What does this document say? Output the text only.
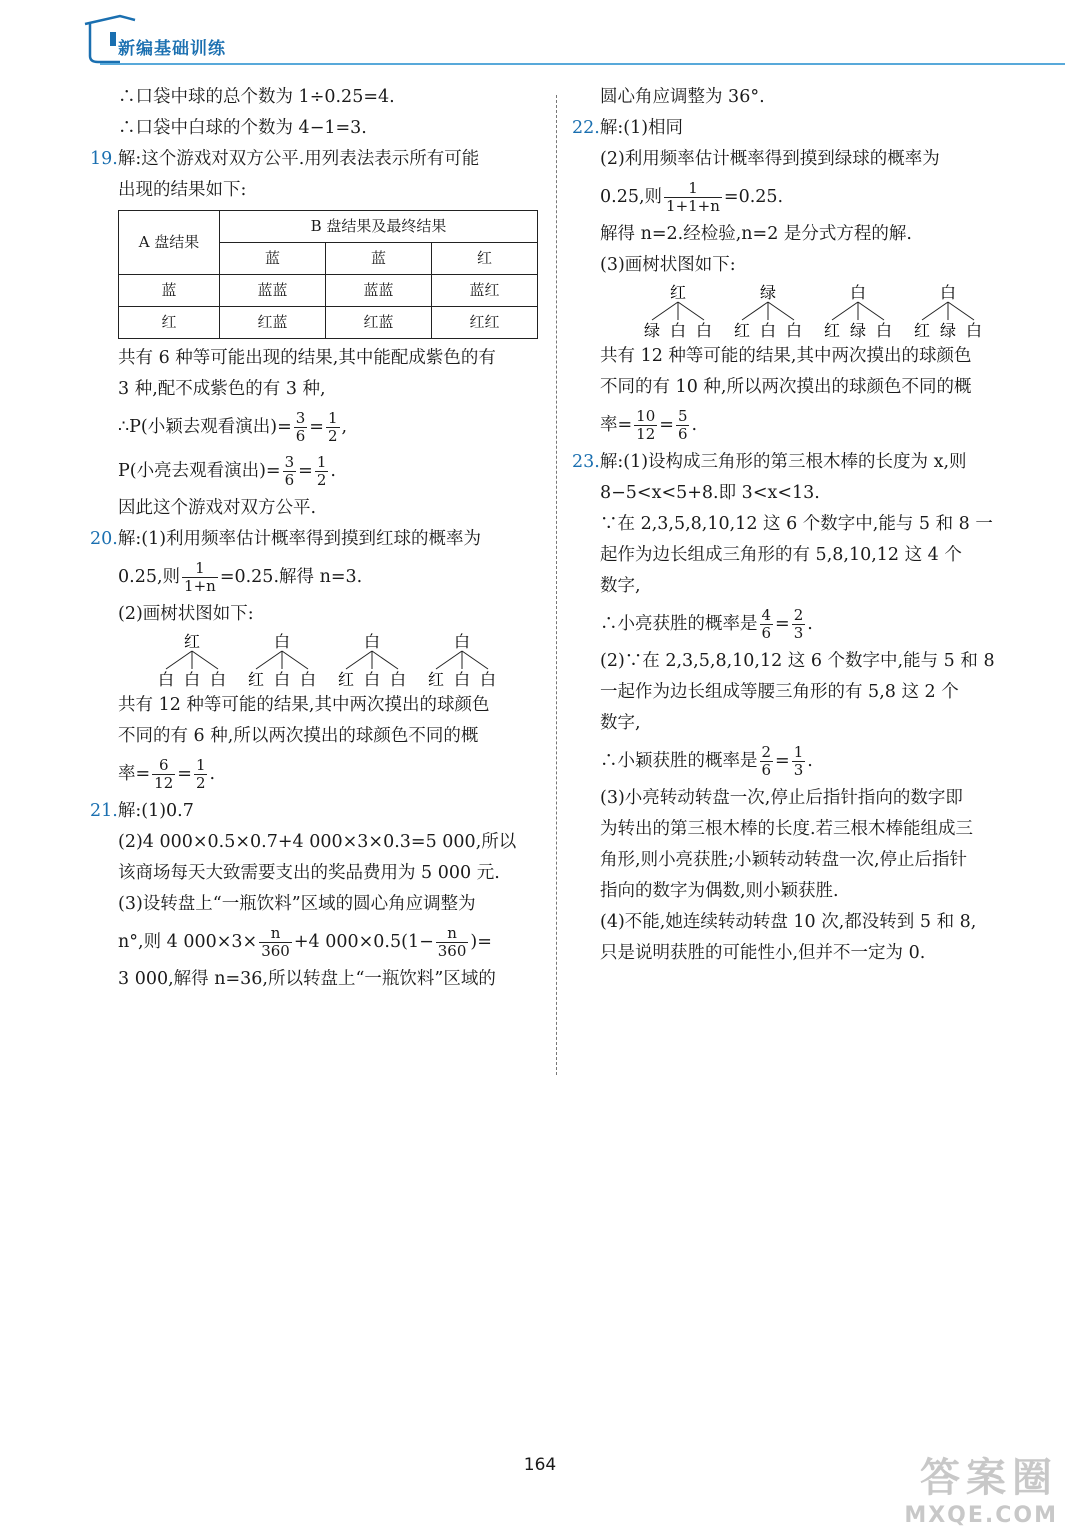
新编基础训练

∴口袋中球的总个数为 1÷0.25=4.

∴口袋中白球的个数为 4−1=3.

19.解:这个游戏对双方公平.用列表法表示所有可能

出现的结果如下:

A 盘结果	B 盘结果及最终结果		
	蓝	蓝	红
蓝	蓝蓝	蓝蓝	蓝红
红	红蓝	红蓝	红红

共有 6 种等可能出现的结果,其中能配成紫色的有

3 种,配不成紫色的有 3 种,

∴P(小颖去观看演出)= $\frac{3}{6} = \frac{1}{2}$ ,

P(小亮去观看演出)= $\frac{3}{6} = \frac{1}{2}$ .

因此这个游戏对双方公平.

20.解:(1)利用频率估计概率得到摸到红球的概率为

0.25,则 $\frac{1}{1+n} =0.25$.解得 n=3.

(2)画树状图如下:

红
白 白 白
白
红 白 白
白
红 白 白
白
红 白 白

共有 12 种等可能的结果,其中两次摸出的球颜色

不同的有 6 种,所以两次摸出的球颜色不同的概

率= $\frac{6}{12} = \frac{1}{2}$ .

21.解:(1)0.7

(2)4 000×0.5×0.7+4 000×3×0.3=5 000,所以

该商场每天大致需要支出的奖品费用为 5 000 元.

(3)设转盘上“一瓶饮料”区域的圆心角应调整为

n°,则 4 $000\times 3\times \frac{n}{360} +4$ $000\times 0.5(1- \frac{n}{360}$ )=

3 000,解得 n=36,所以转盘上“一瓶饮料”区域的

圆心角应调整为 36°.

22.解:(1)相同

(2)利用频率估计概率得到摸到绿球的概率为

0.25,则 $\frac{1}{1+1+n} =0.25$.

解得 n=2.经检验,n=2 是分式方程的解.

(3)画树状图如下:

红
绿 白 白
绿
红 白 白
白
红 绿 白
白
红 绿 白

共有 12 种等可能的结果,其中两次摸出的球颜色

不同的有 10 种,所以两次摸出的球颜色不同的概

率= $\frac{10}{12} = \frac{5}{6}$ .

23.解:(1)设构成三角形的第三根木棒的长度为 x,则

8−5<x<5+8.即 3<x<13.

∵在 2,3,5,8,10,12 这 6 个数字中,能与 5 和 8 一

起作为边长组成三角形的有 5,8,10,12 这 4 个

数字,

∴小亮获胜的概率是 $\frac{4}{6} = \frac{2}{3}$ .

(2)∵在 2,3,5,8,10,12 这 6 个数字中,能与 5 和 8

一起作为边长组成等腰三角形的有 5,8 这 2 个

数字,

∴小颖获胜的概率是 $\frac{2}{6} = \frac{1}{3}$ .

(3)小亮转动转盘一次,停止后指针指向的数字即

为转出的第三根木棒的长度.若三根木棒能组成三

角形,则小亮获胜;小颖转动转盘一次,停止后指针

指向的数字为偶数,则小颖获胜.

(4)不能,她连续转动转盘 10 次,都没转到 5 和 8,

只是说明获胜的可能性小,但并不一定为 0.

164	答案圈
MXQE.COM
